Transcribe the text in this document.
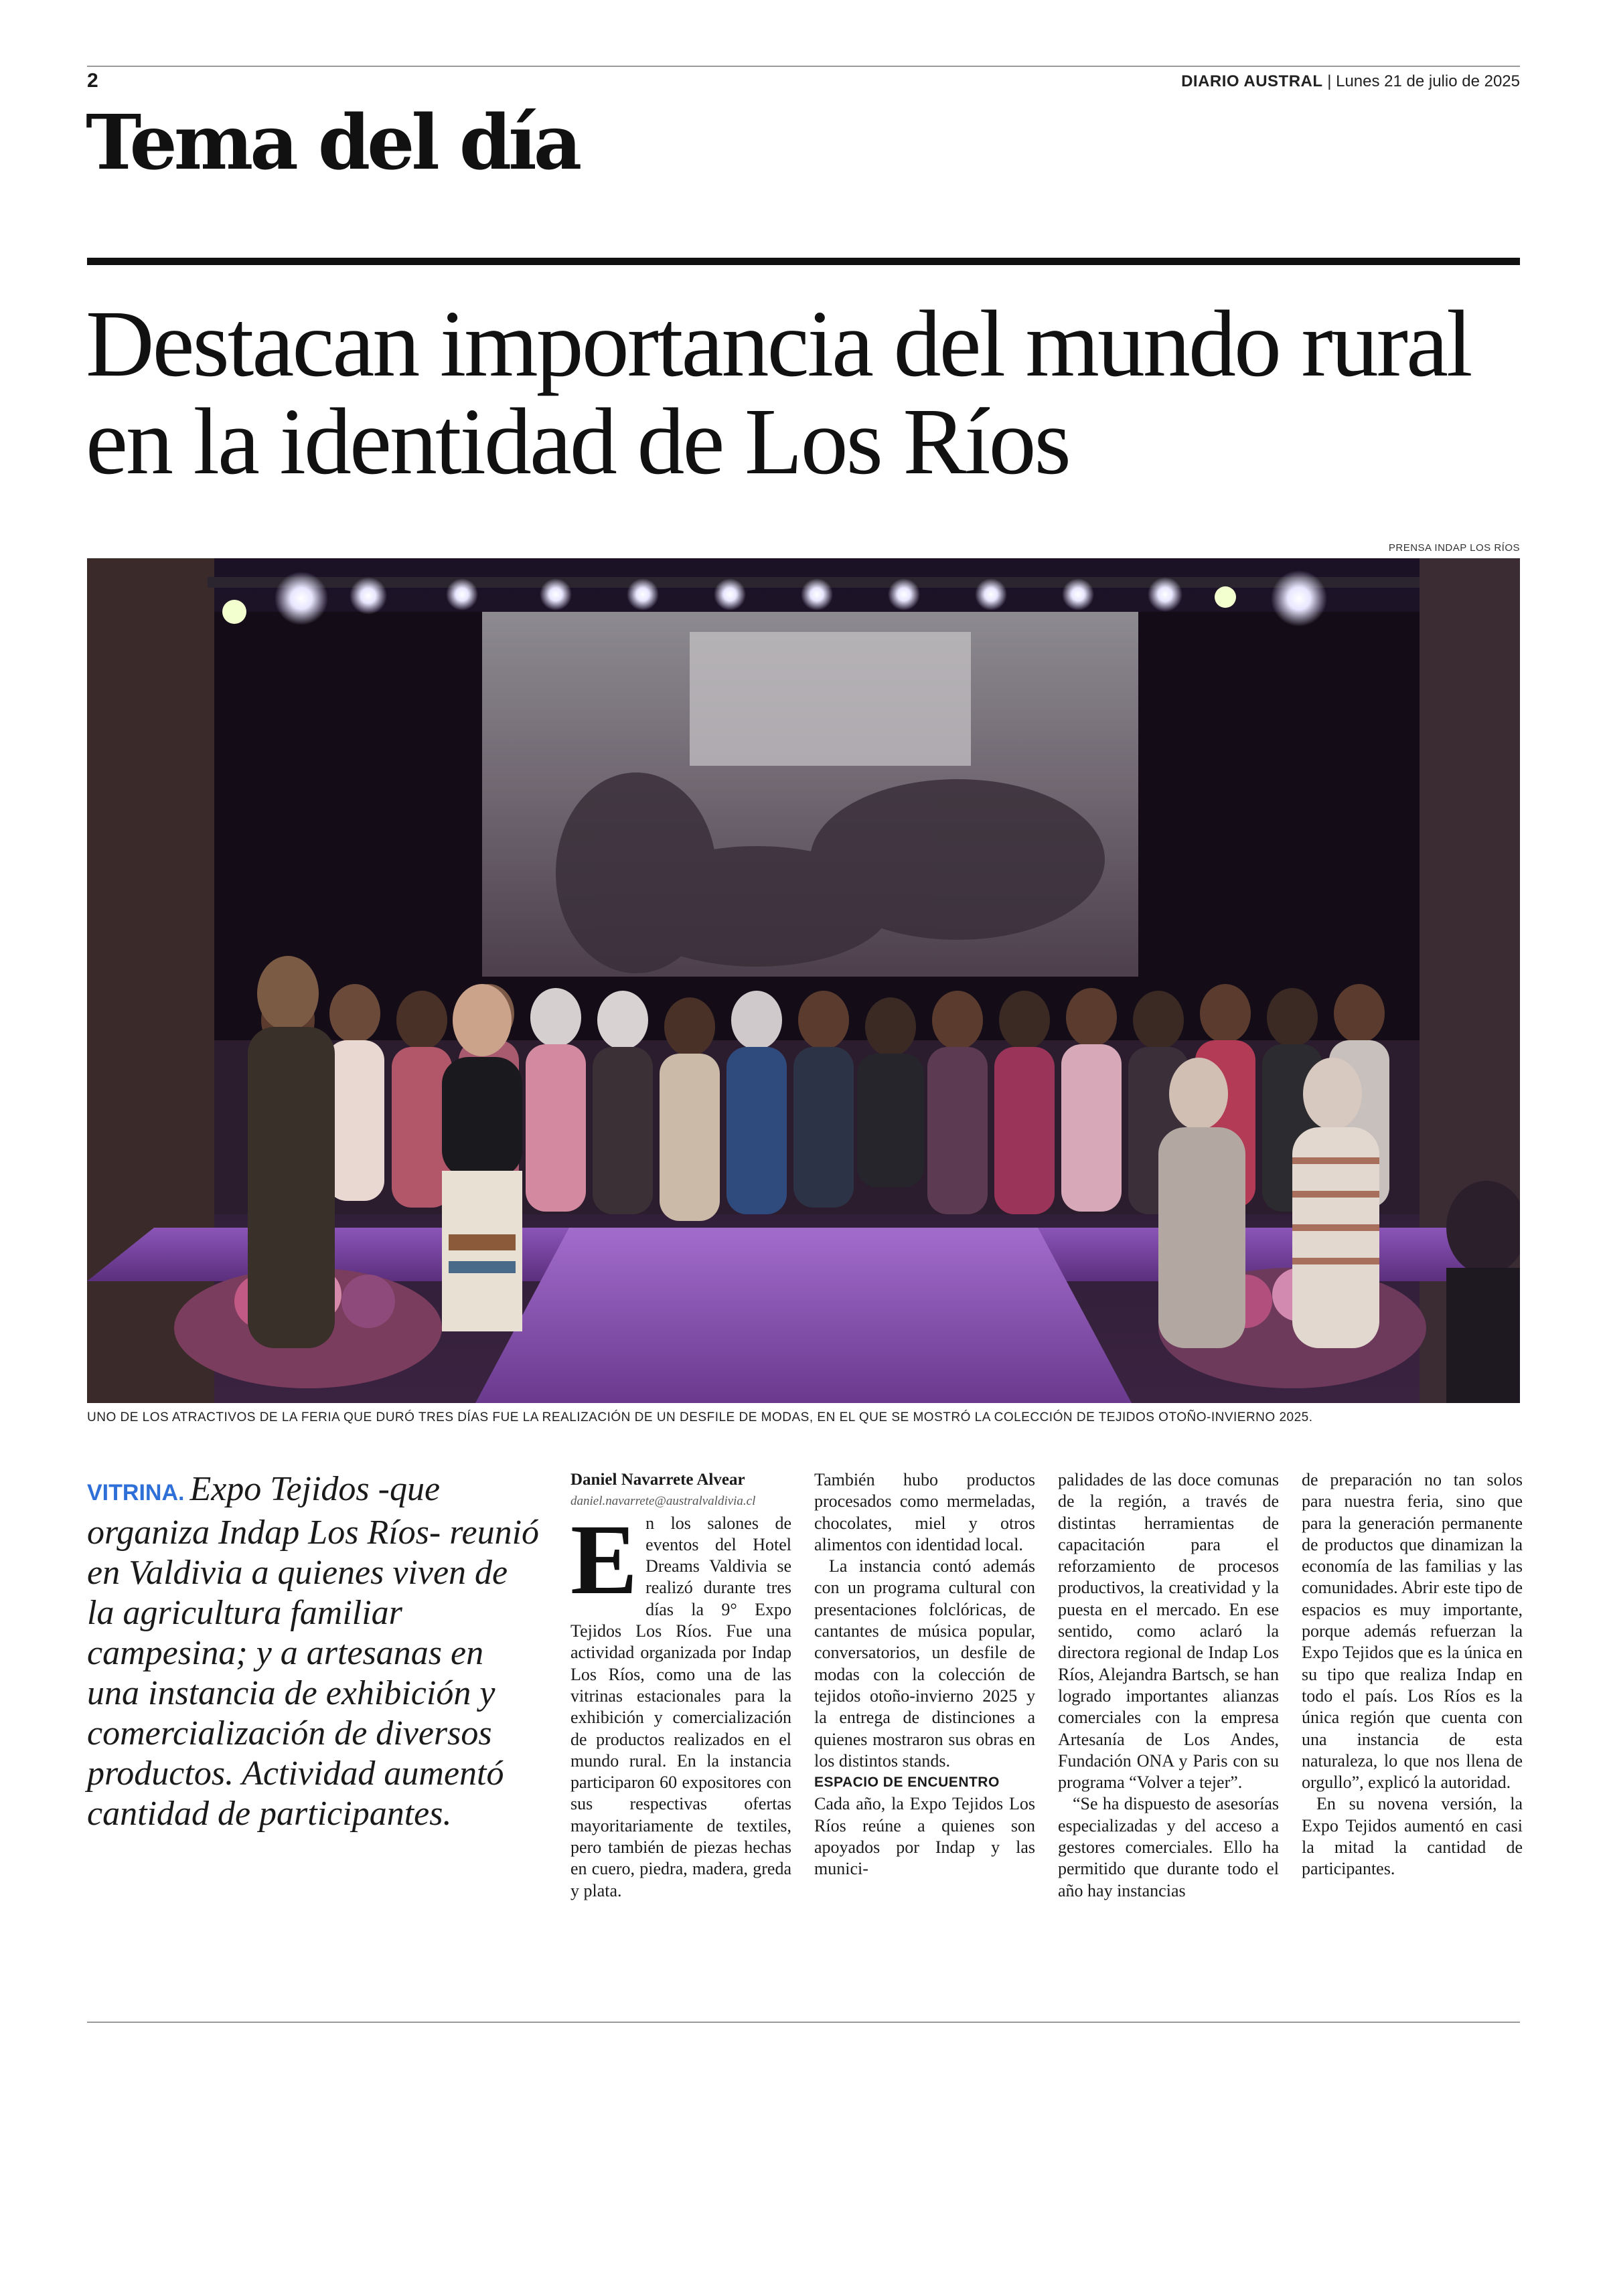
2	DIARIO AUSTRAL | Lunes 21 de julio de 2025
Tema del día
Destacan importancia del mundo rural en la identidad de Los Ríos
PRENSA INDAP LOS RÍOS
UNO DE LOS ATRACTIVOS DE LA FERIA QUE DURÓ TRES DÍAS FUE LA REALIZACIÓN DE UN DESFILE DE MODAS, EN EL QUE SE MOSTRÓ LA COLECCIÓN DE TEJIDOS OTOÑO-INVIERNO 2025.
VITRINA. Expo Tejidos -que organiza Indap Los Ríos- reunió en Valdivia a quienes viven de la agricultura familiar campesina; y a artesanas en una instancia de exhibición y comercialización de diversos productos. Actividad aumentó cantidad de participantes.

Daniel Navarrete Alvear

daniel.navarrete@australvaldivia.cl

En los salones de eventos del Hotel Dreams Valdivia se realizó durante tres días la 9° Expo Tejidos Los Ríos. Fue una actividad organizada por Indap Los Ríos, como una de las vitrinas estacionales para la exhibición y comercialización de productos realizados en el mundo rural. En la instancia participaron 60 expositores con sus respectivas ofertas mayoritariamente de textiles, pero también de piezas hechas en cuero, piedra, madera, greda y plata.

También hubo productos procesados como mermeladas, chocolates, miel y otros alimentos con identidad local.

La instancia contó además con un programa cultural con presentaciones folclóricas, de cantantes de música popular, conversatorios, un desfile de modas con la colección de tejidos otoño-invierno 2025 y la entrega de distinciones a quienes mostraron sus obras en los distintos stands.

ESPACIO DE ENCUENTRO

Cada año, la Expo Tejidos Los Ríos reúne a quienes son apoyados por Indap y las munici-

palidades de las doce comunas de la región, a través de distintas herramientas de capacitación para el reforzamiento de procesos productivos, la creatividad y la puesta en el mercado. En ese sentido, como aclaró la directora regional de Indap Los Ríos, Alejandra Bartsch, se han logrado importantes alianzas comerciales con la empresa Artesanía de Los Andes, Fundación ONA y Paris con su programa “Volver a tejer”.

“Se ha dispuesto de asesorías especializadas y del acceso a gestores comerciales. Ello ha permitido que durante todo el año hay instancias

de preparación no tan solos para nuestra feria, sino que para la generación permanente de productos que dinamizan la economía de las familias y las comunidades. Abrir este tipo de espacios es muy importante, porque además refuerzan la Expo Tejidos que es la única en su tipo que realiza Indap en todo el país. Los Ríos es la única región que cuenta con una instancia de esta naturaleza, lo que nos llena de orgullo”, explicó la autoridad.

En su novena versión, la Expo Tejidos aumentó en casi la mitad la cantidad de participantes.
